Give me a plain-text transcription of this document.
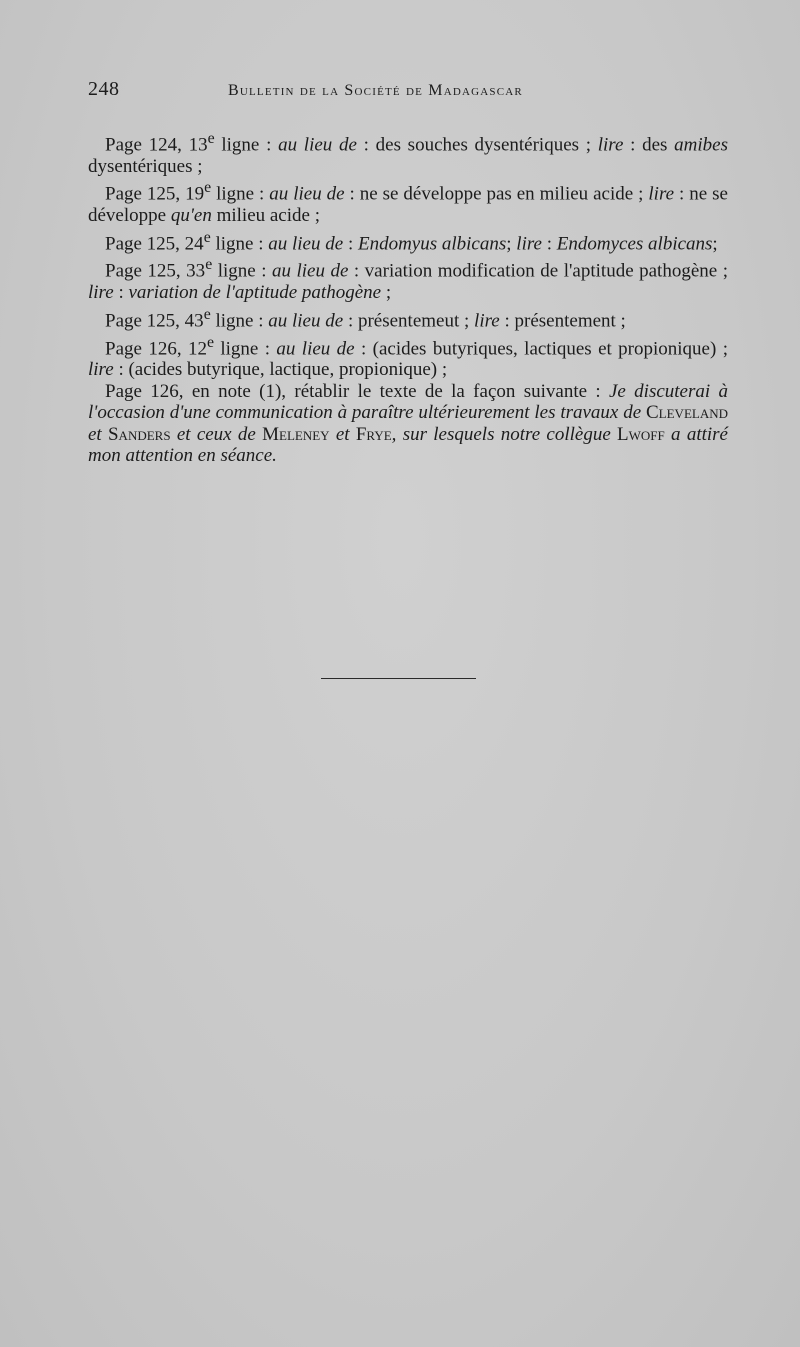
248	Bulletin de la Société de Madagascar

Page 124, 13e ligne : au lieu de : des souches dysentériques ; lire : des amibes dysentériques ;

Page 125, 19e ligne : au lieu de : ne se développe pas en milieu acide ; lire : ne se développe qu'en milieu acide ;

Page 125, 24e ligne : au lieu de : Endomyus albicans; lire : Endomyces albicans;

Page 125, 33e ligne : au lieu de : variation modification de l'aptitude pathogène ; lire : variation de l'aptitude pathogène ;

Page 125, 43e ligne : au lieu de : présentemeut ; lire : présentement ;

Page 126, 12e ligne : au lieu de : (acides butyriques, lactiques et propionique) ; lire : (acides butyrique, lactique, propionique) ;

Page 126, en note (1), rétablir le texte de la façon suivante : Je discuterai à l'occasion d'une communication à paraître ultérieurement les travaux de Cleveland et Sanders et ceux de Meleney et Frye, sur lesquels notre collègue Lwoff a attiré mon attention en séance.
